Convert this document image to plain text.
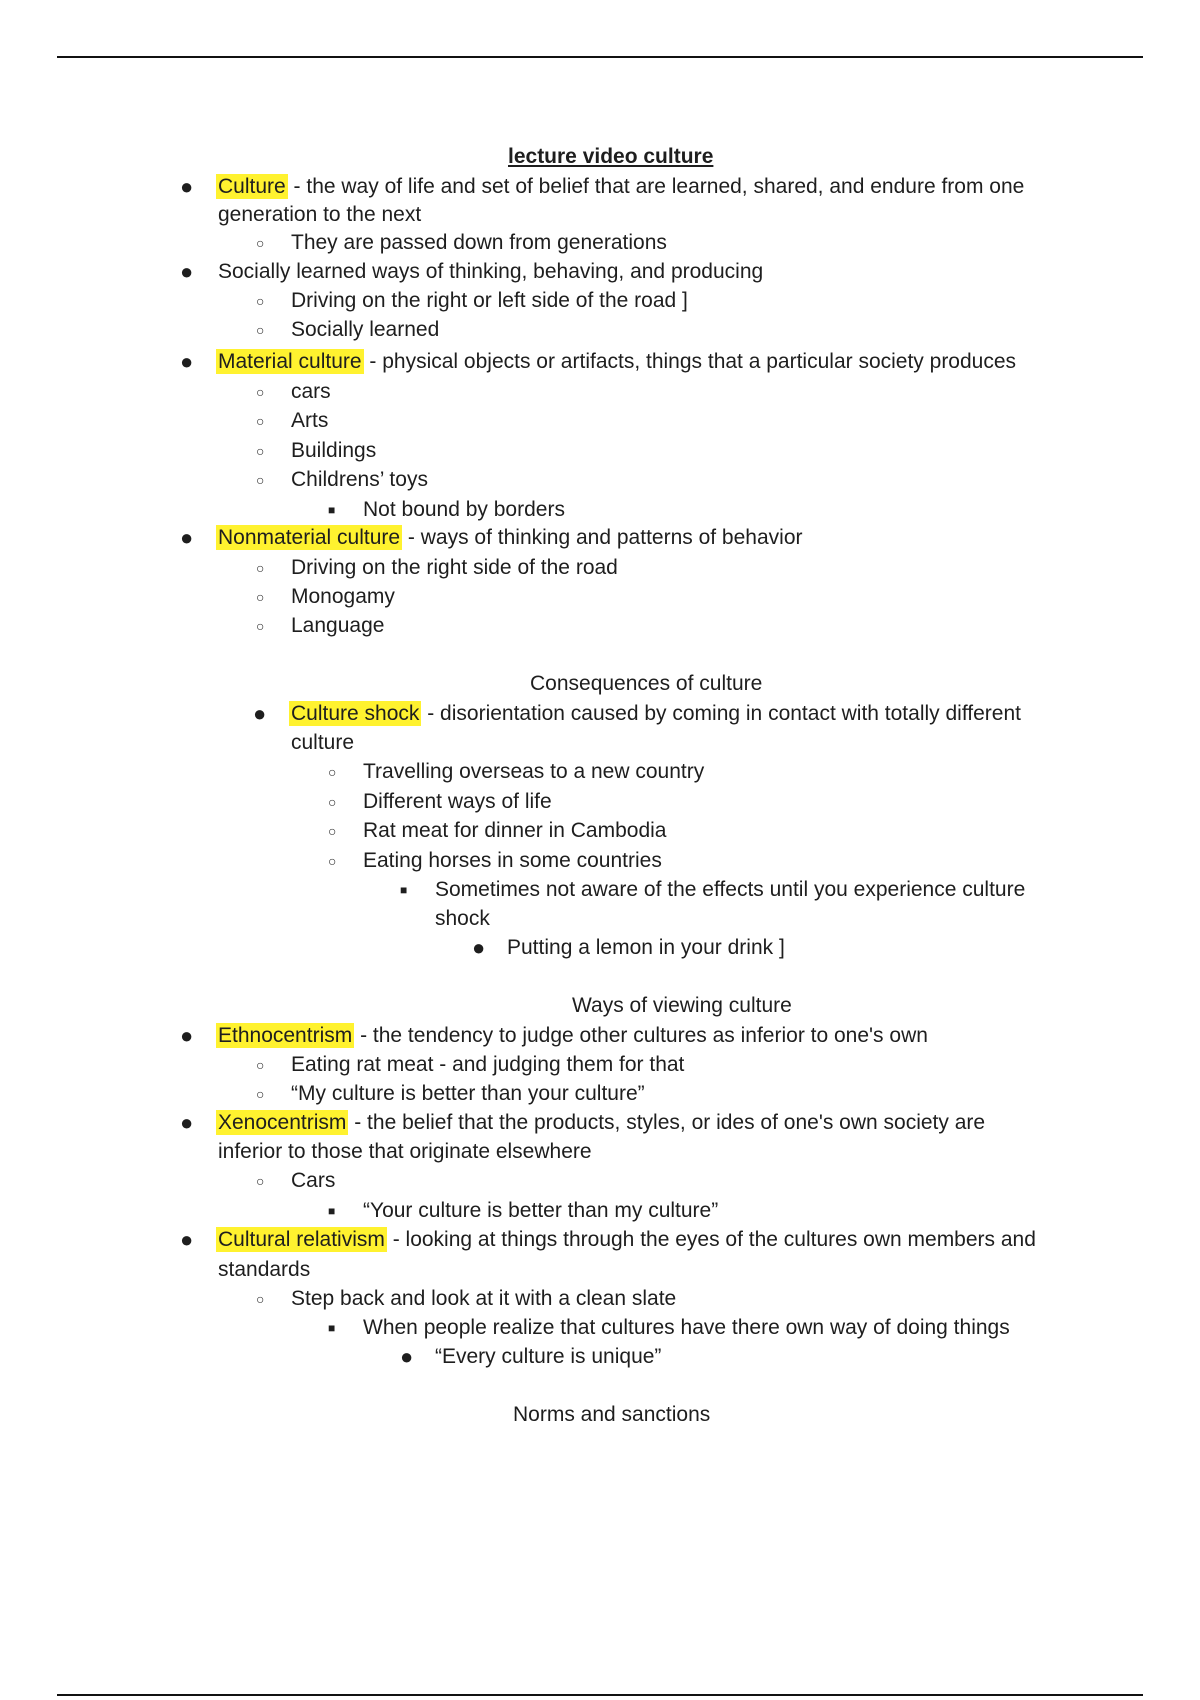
lecture video culture
● Culture - the way of life and set of belief that are learned, shared, and endure from one
generation to the next
○ They are passed down from generations
● Socially learned ways of thinking, behaving, and producing
○ Driving on the right or left side of the road ]
○ Socially learned
● Material culture - physical objects or artifacts, things that a particular society produces
○ cars
○ Arts
○ Buildings
○ Childrens’ toys
■ Not bound by borders
● Nonmaterial culture - ways of thinking and patterns of behavior
○ Driving on the right side of the road
○ Monogamy
○ Language
Consequences of culture
● Culture shock - disorientation caused by coming in contact with totally different
culture
○ Travelling overseas to a new country
○ Different ways of life
○ Rat meat for dinner in Cambodia
○ Eating horses in some countries
■ Sometimes not aware of the effects until you experience culture
shock
● Putting a lemon in your drink ]
Ways of viewing culture
● Ethnocentrism - the tendency to judge other cultures as inferior to one's own
○ Eating rat meat - and judging them for that
○ “My culture is better than your culture”
● Xenocentrism - the belief that the products, styles, or ides of one's own society are
inferior to those that originate elsewhere
○ Cars
■ “Your culture is better than my culture”
● Cultural relativism - looking at things through the eyes of the cultures own members and
standards
○ Step back and look at it with a clean slate
■ When people realize that cultures have there own way of doing things
● “Every culture is unique”
Norms and sanctions
